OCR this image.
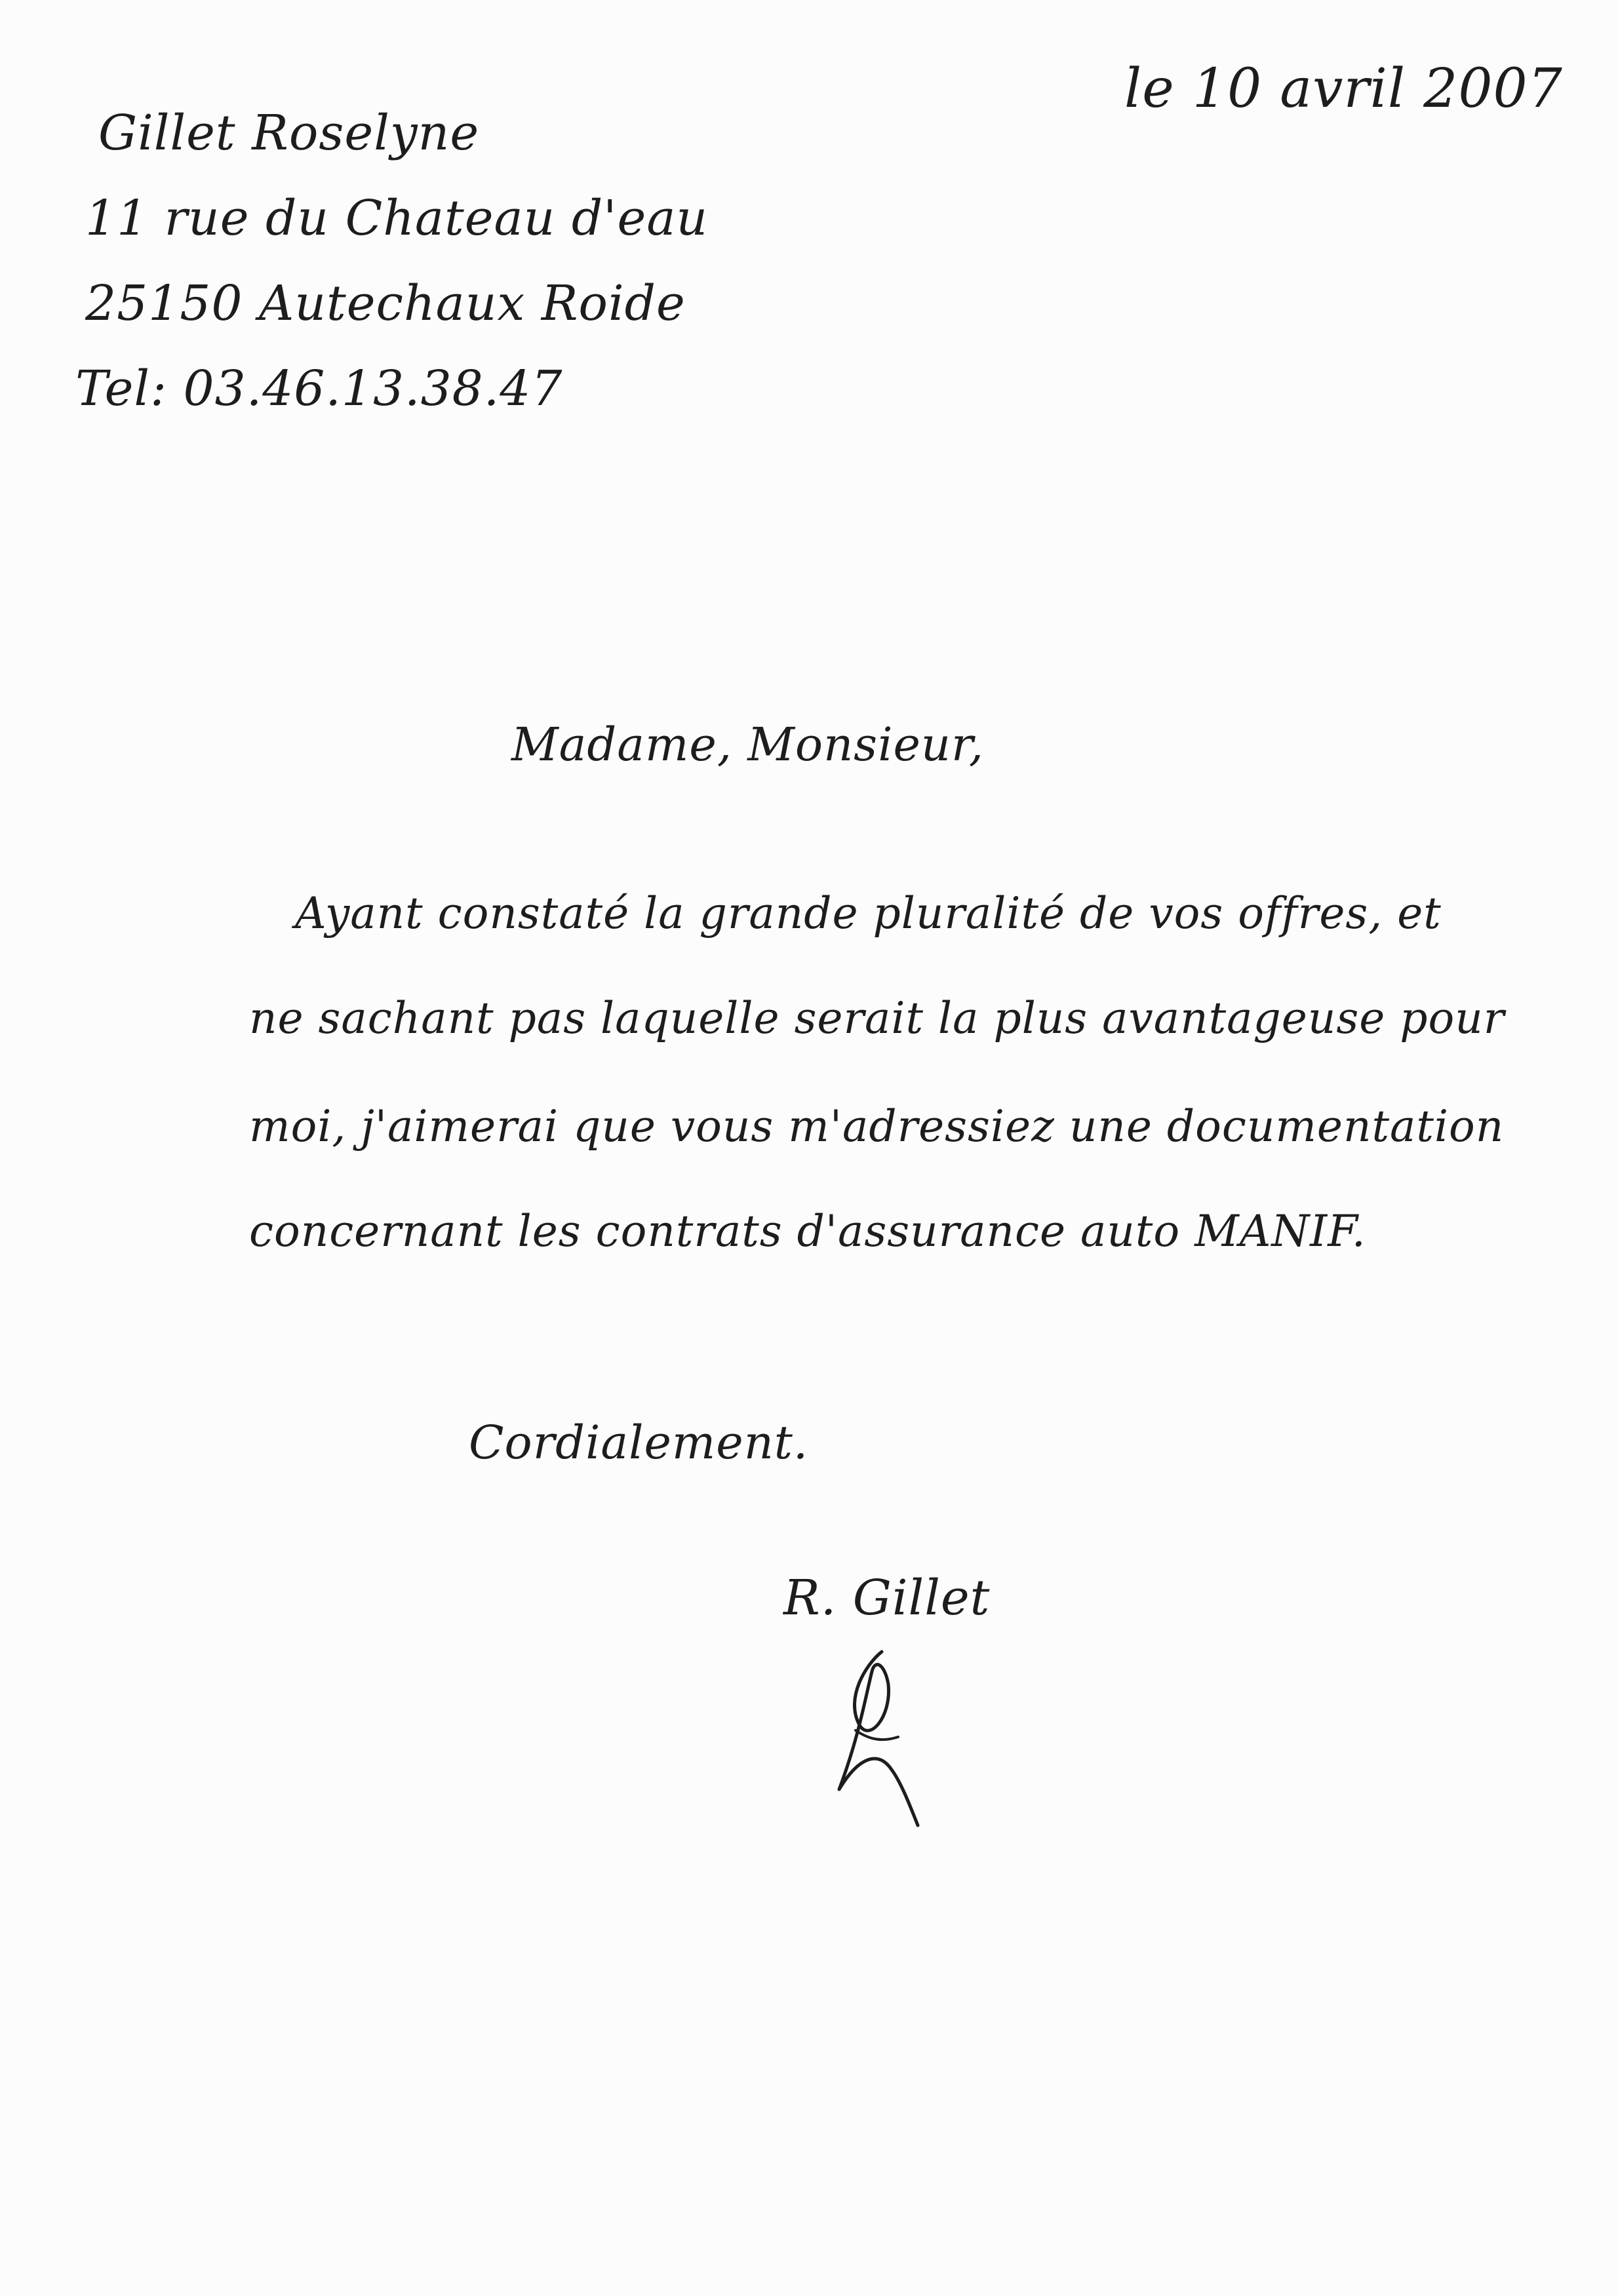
le 10 avril 2007
Gillet Roselyne
11 rue du Chateau d'eau
25150 Autechaux Roide
Tel: 03.46.13.38.47
Madame, Monsieur,
Ayant constaté la grande pluralité de vos offres, et
ne sachant pas laquelle serait la plus avantageuse pour
moi, j'aimerai que vous m'adressiez une documentation
concernant les contrats d'assurance auto MANIF.
Cordialement.
R. Gillet
